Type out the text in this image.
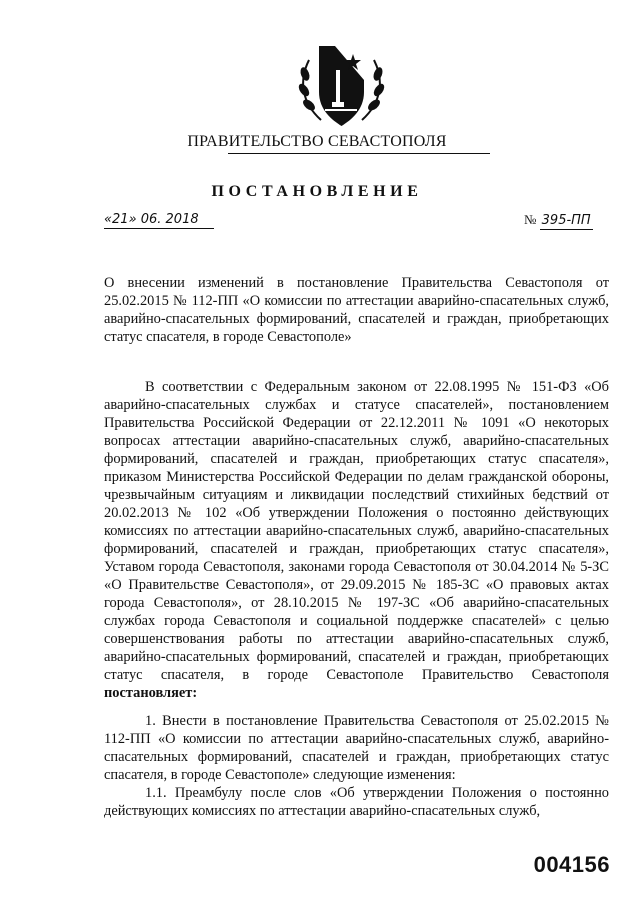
ПРАВИТЕЛЬСТВО СЕВАСТОПОЛЯ
ПОСТАНОВЛЕНИЕ
«21» 06. 2018	№ 395-ПП
О внесении изменений в постановление Правительства Севастополя от 25.02.2015 № 112-ПП «О комиссии по аттестации аварийно-спасательных служб, аварийно-спасательных формирований, спасателей и граждан, приобретающих статус спасателя, в городе Севастополе»

В соответствии с Федеральным законом от 22.08.1995 № 151-ФЗ «Об аварийно-спасательных службах и статусе спасателей», постановлением Правительства Российской Федерации от 22.12.2011 № 1091 «О некоторых вопросах аттестации аварийно-спасательных служб, аварийно-спасательных формирований, спасателей и граждан, приобретающих статус спасателя», приказом Министерства Российской Федерации по делам гражданской обороны, чрезвычайным ситуациям и ликвидации последствий стихийных бедствий от 20.02.2013 № 102 «Об утверждении Положения о постоянно действующих комиссиях по аттестации аварийно-спасательных служб, аварийно-спасательных формирований, спасателей и граждан, приобретающих статус спасателя», Уставом города Севастополя, законами города Севастополя от 30.04.2014 № 5-ЗС «О Правительстве Севастополя», от 29.09.2015 № 185-ЗС «О правовых актах города Севастополя», от 28.10.2015 № 197-ЗС «Об аварийно-спасательных службах города Севастополя и социальной поддержке спасателей» с целью совершенствования работы по аттестации аварийно-спасательных служб, аварийно-спасательных формирований, спасателей и граждан, приобретающих статус спасателя, в городе Севастополе Правительство Севастополя постановляет:

1. Внести в постановление Правительства Севастополя от 25.02.2015 № 112-ПП «О комиссии по аттестации аварийно-спасательных служб, аварийно-спасательных формирований, спасателей и граждан, приобретающих статус спасателя, в городе Севастополе» следующие изменения:

1.1. Преамбулу после слов «Об утверждении Положения о постоянно действующих комиссиях по аттестации аварийно-спасательных служб,

004156
